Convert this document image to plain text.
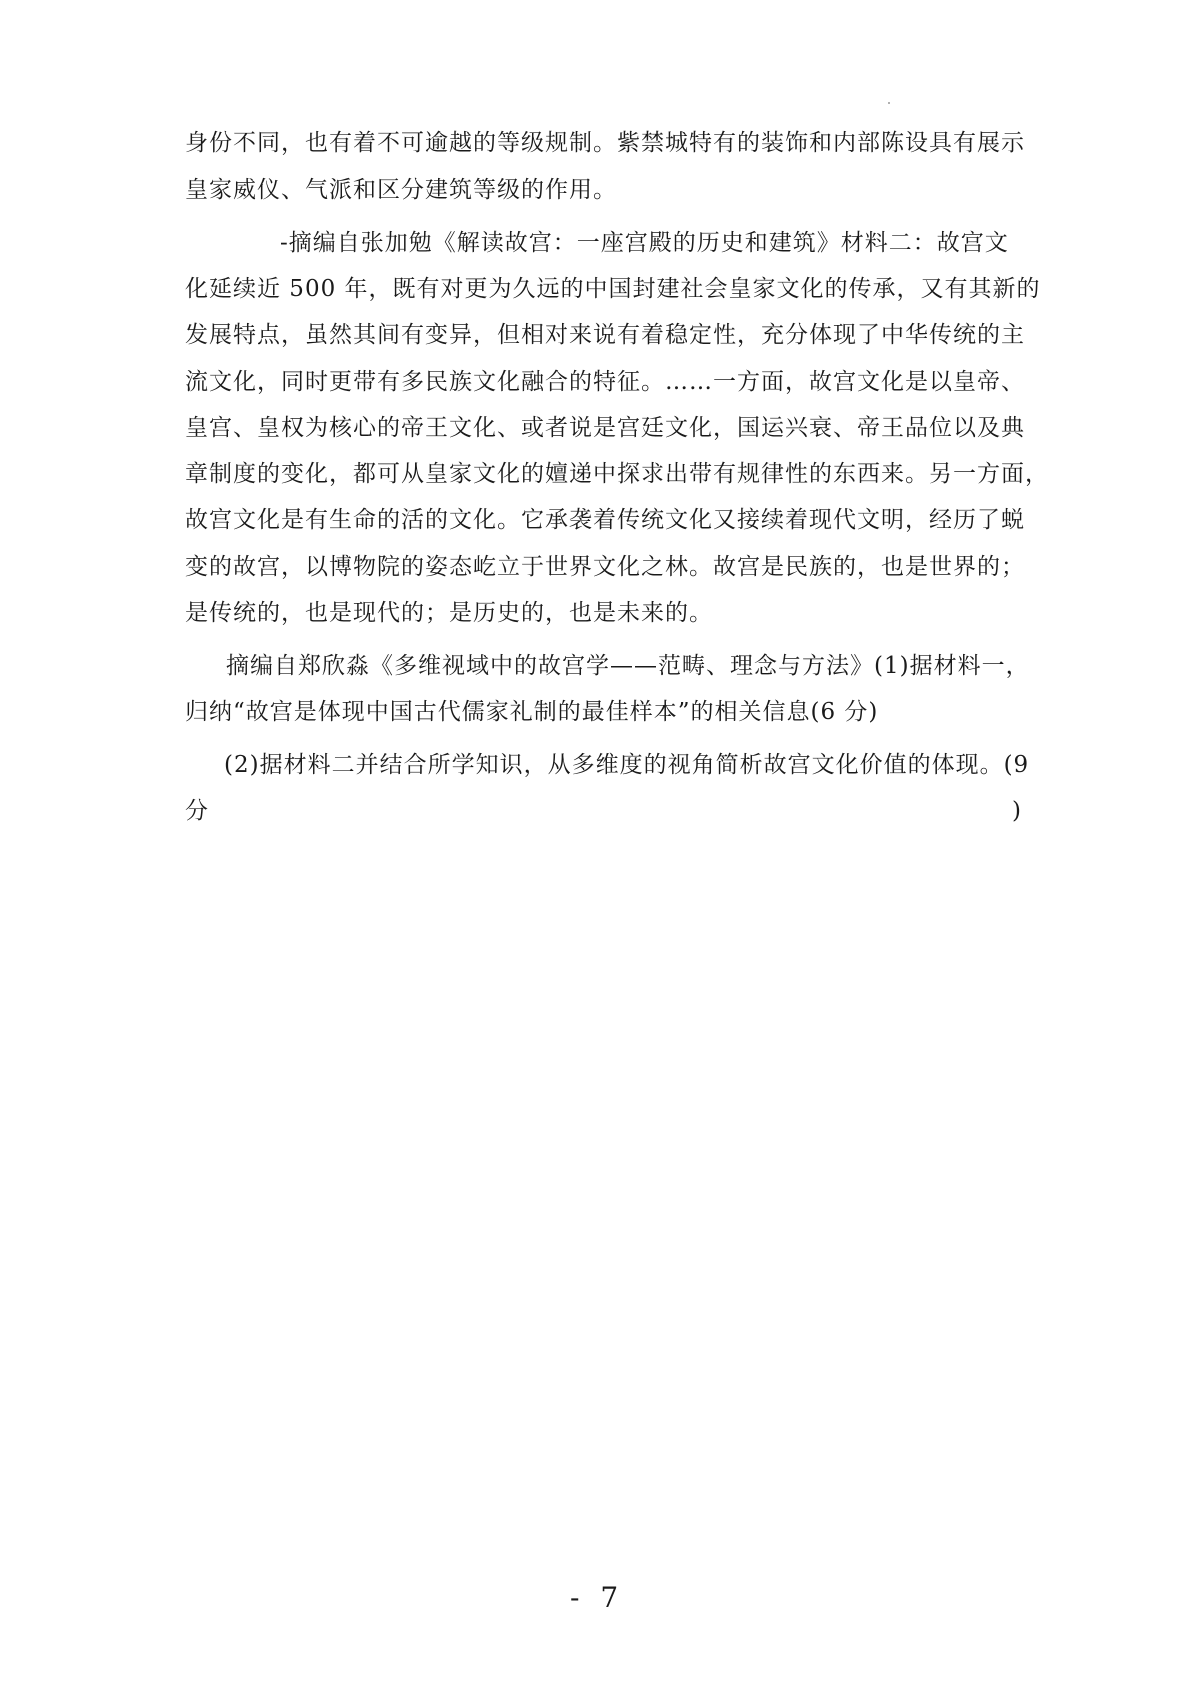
身份不同，也有着不可逾越的等级规制。紫禁城特有的装饰和内部陈设具有展示
皇家威仪、气派和区分建筑等级的作用。
-摘编自张加勉《解读故宫：一座宫殿的历史和建筑》材料二：故宫文
化延续近 500 年，既有对更为久远的中国封建社会皇家文化的传承，又有其新的
发展特点，虽然其间有变异，但相对来说有着稳定性，充分体现了中华传统的主
流文化，同时更带有多民族文化融合的特征。……一方面，故宫文化是以皇帝、
皇宫、皇权为核心的帝王文化、或者说是宫廷文化，国运兴衰、帝王品位以及典
章制度的变化，都可从皇家文化的嬗递中探求出带有规律性的东西来。另一方面，
故宫文化是有生命的活的文化。它承袭着传统文化又接续着现代文明，经历了蜕
变的故宫，以博物院的姿态屹立于世界文化之林。故宫是民族的，也是世界的；
是传统的，也是现代的；是历史的，也是未来的。
摘编自郑欣淼《多维视域中的故宫学——范畴、理念与方法》(1)据材料一，
归纳“故宫是体现中国古代儒家礼制的最佳样本”的相关信息(6 分)
(2)据材料二并结合所学知识，从多维度的视角简析故宫文化价值的体现。(9
分	)
- 7
